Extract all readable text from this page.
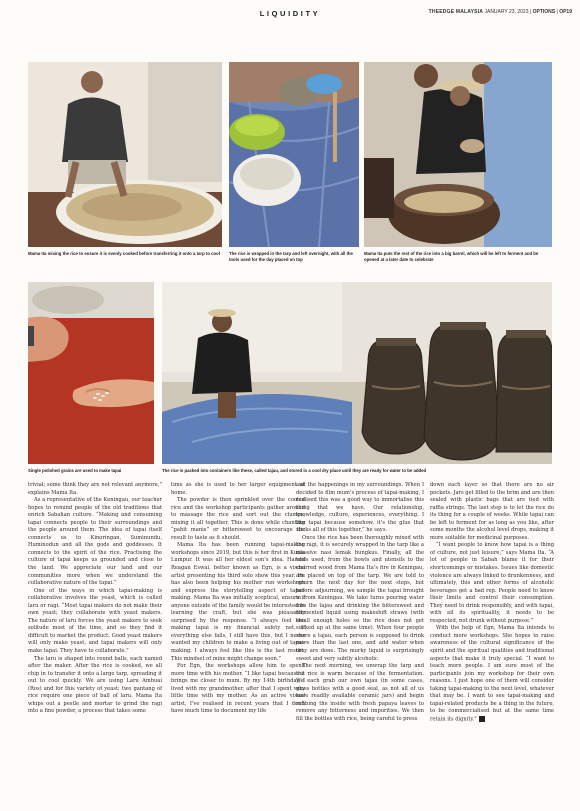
LIQUIDITY	THEEDGE MALAYSIA JANUARY 23, 2023 | OPTIONS | OP19
Mama Ita mixing the rice to ensure it is evenly cooked before transferring it onto a tarp to cool	The rice is wrapped in the tarp and left overnight, with all the tools used for the day placed on top
Mama Ita puts the rest of the rice into a big barrel, which will be left to ferment and be opened at a later date to celebrate
Single polished grains are used to make tapai	The rice is packed into containers like these, called tajau, and stored in a cool dry place until they are ready for water to be added

trivial; some think they are not relevant anymore,” explains Mama Ita.

As a representative of the Keningau, our teacher hopes to remind people of the old traditions that enrich Sabahan culture. “Making and consuming tapai connects people to their surroundings and the people around them. The idea of tapai itself connects us to Kinoringan, Suminundu, Huminodun and all the gods and goddesses. It connects to the spirit of the rice. Practising the culture of tapai keeps us grounded and close to the land. We appreciate our land and our communities more when we understand the collaborative nature of the tapai.”

One of the ways in which tapai-making is collaborative involves the yeast, which is called laru or ragi. “Most tapai makers do not make their own yeast; they collaborate with yeast makers. The nature of laru forces the yeast makers to seek solitude most of the time, and so they find it difficult to market the product. Good yeast makers will only make yeast, and tapai makers will only make tapai. They have to collaborate.”

The laru is shaped into round balls, each named after the maker. After the rice is cooked, we all chip in to transfer it onto a large tarp, spreading it out to cool quickly. We are using Laru Ambuai (Ros) and for this variety of yeast; two gantang of rice require one piece of ball of laru. Mama Ita whips out a pestle and mortar to grind the ragi into a fine powder, a process that takes some

time as she is used to her larger equipment at home.

The powder is then sprinkled over the cooled rice and the workshop participants gather around to massage the rice and sort out the clumps, mixing it all together. This is done while chanting “pahit manis” or bittersweet to encourage the result to taste as it should.

Mama Ita has been running tapai-making workshops since 2019, but this is her first in Kuala Lumpur. It was all her eldest son’s idea. Harold Reagan Eswai, better known as Egn, is a visual artist presenting his third solo show this year. He has also been helping his mother run workshops and express the storytelling aspect of tapai-making. Mama Ita was initially sceptical, unsure if anyone outside of the family would be interested in learning the craft, but she was pleasantly surprised by the response. “I always feel like making tapai is my financial safety net. If everything else fails, I still have this, but I never wanted my children to make a living out of tapai-making. I always feel like this is the last resort. This mindset of mine might change soon.”

For Egn, the workshops allow him to spend more time with his mother. “I like tapai because it brings me closer to mum. By my 14th birthday, I lived with my grandmother, after that I spent very little time with my mother. As an active visual artist, I’ve realised in recent years that I don’t have much time to document my life

and the happenings in my surroundings. When I decided to film mum’s process of tapai-making, I realised this was a good way to immortalise this thing that we have. Our relationship, knowledge, culture, experiences, everything. I like tapai because somehow, it’s the glue that sticks all of this together,” he says.

Once the rice has been thoroughly mixed with the ragi, it is securely wrapped in the tarp like a massive nasi lemak bungkus. Finally, all the tools used, from the bowls and utensils to the charred wood from Mama Ita’s fire in Keningau, are placed on top of the tarp. We are told to return the next day for the next steps, but before adjourning, we sample the tapai brought in from Keningau. We take turns pouring water into the tajau and drinking the bittersweet and fermented liquid using makeshift straws (with small enough holes so the rice does not get sucked up at the same time). When four people share a tajau, each person is supposed to drink more than the last one, and add water when they are done. The murky liquid is surprisingly sweet and very subtly alcoholic.

The next morning, we unwrap the tarp and the rice is warm because of the fermentation. We each grab our own tajau (in some cases, glass bottles with a good seal, as not all of us have readily available ceramic jars) and begin rubbing the inside with fresh papaya leaves to remove any bitterness and impurities. We then fill the bottles with rice, being careful to press

down each layer so that there are no air pockets. Jars get filled to the brim and are then sealed with plastic bags that are tied with raffia strings. The last step is to let the rice do its thing for a couple of weeks. While tapai can be left to ferment for as long as you like, after some months the alcohol level drops, making it more suitable for medicinal purposes.

“I want people to know how tapai is a thing of culture, not just leisure,” says Mama Ita. “A lot of people in Sabah blame it for their shortcomings or mistakes. Issues like domestic violence are always linked to drunkenness, and ultimately, this and other forms of alcoholic beverages get a bad rep. People need to know their limits and control their consumption. They need to drink responsibly, and with tapai, with all its spirituality, it needs to be respected, not drunk without purpose.”

With the help of Egn, Mama Ita intends to conduct more workshops. She hopes to raise awareness of the cultural significance of the spirit and the spiritual qualities and traditional aspects that make it truly special. “I want to teach more people. I am sure most of the participants join my workshop for their own reasons. I just hope one of them will consider taking tapai-making to the next level, whatever that may be. I want to see tapai-making and tapai-related products be a thing in the future, to be commercialised but at the same time retain its dignity.” E
